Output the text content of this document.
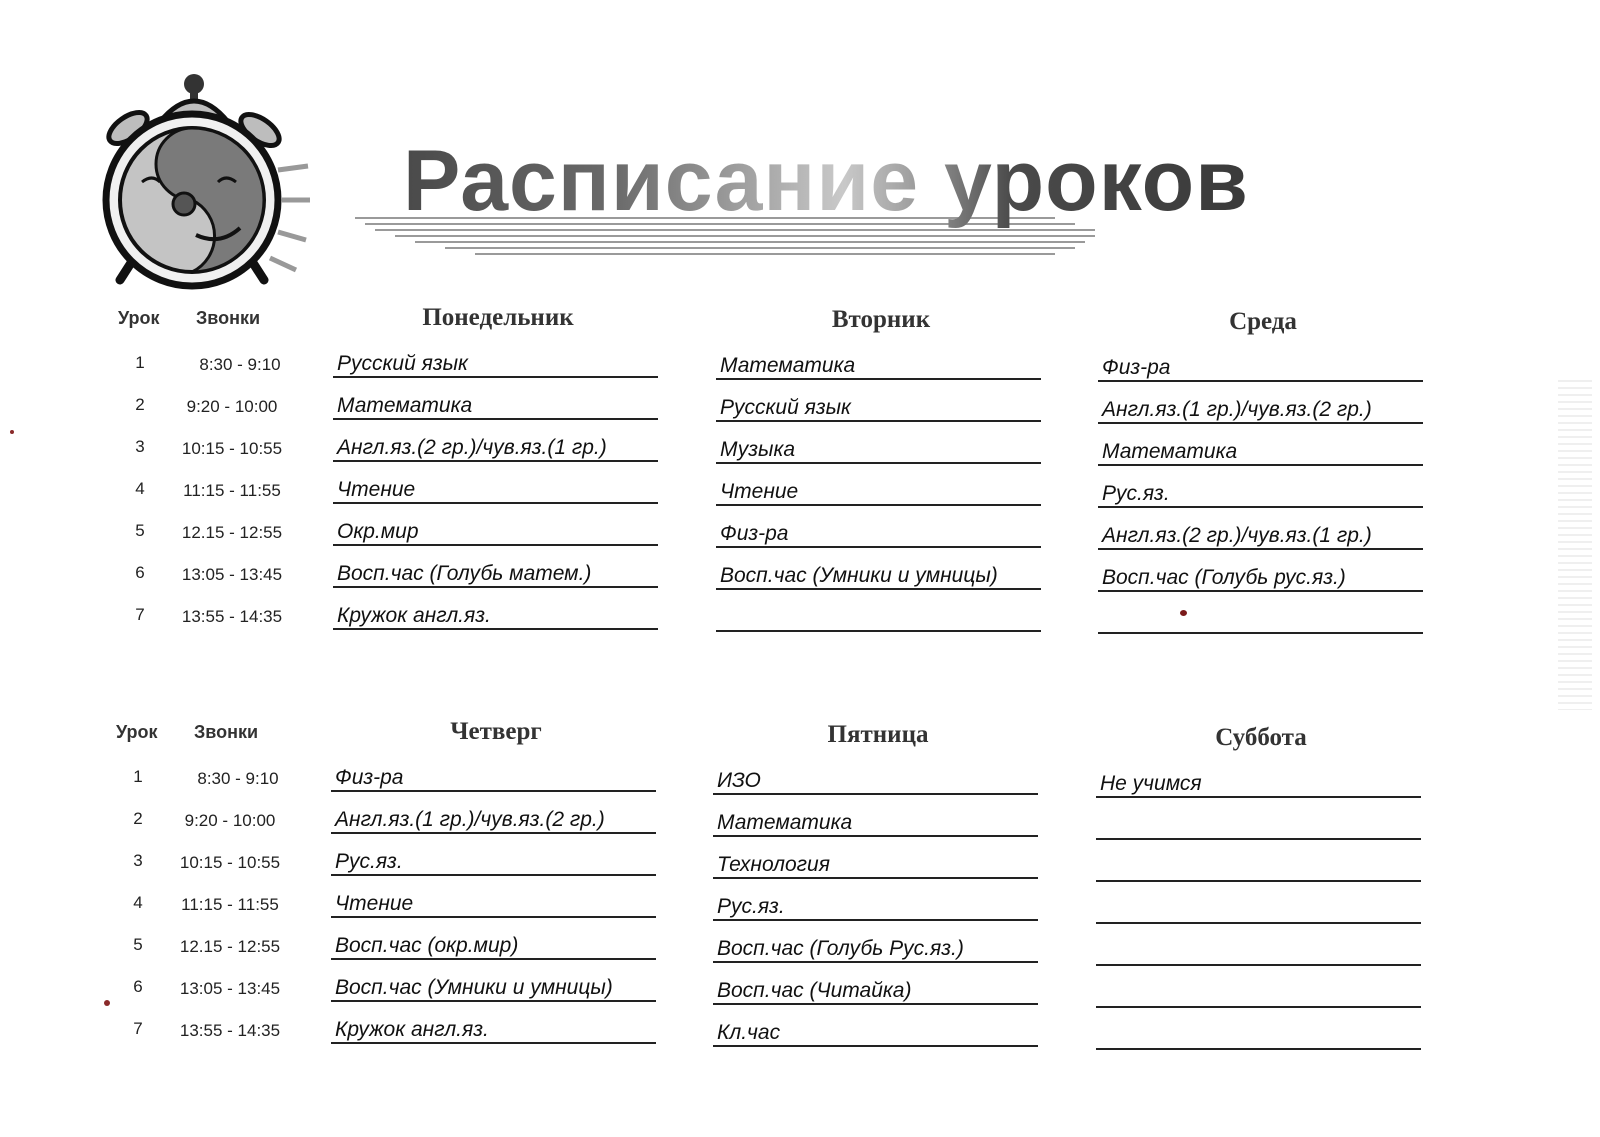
Расписание уроков
Урок Звонки
1
2
3
4
5
6
7
8:30 - 9:10
9:20 - 10:00
10:15 - 10:55
11:15 - 11:55
12.15 - 12:55
13:05 - 13:45
13:55 - 14:35
Понедельник
Русский язык
Математика
Англ.яз.(2 гр.)/чув.яз.(1 гр.)
Чтение
Окр.мир
Восп.час (Голубь матем.)
Кружок англ.яз.
Вторник
Математика
Русский язык
Музыка
Чтение
Физ-ра
Восп.час (Умники и умницы)
Среда
Физ-ра
Англ.яз.(1 гр.)/чув.яз.(2 гр.)
Математика
Рус.яз.
Англ.яз.(2 гр.)/чув.яз.(1 гр.)
Восп.час (Голубь рус.яз.)
Урок Звонки
1
2
3
4
5
6
7
8:30 - 9:10
9:20 - 10:00
10:15 - 10:55
11:15 - 11:55
12.15 - 12:55
13:05 - 13:45
13:55 - 14:35
Четверг
Физ-ра
Англ.яз.(1 гр.)/чув.яз.(2 гр.)
Рус.яз.
Чтение
Восп.час (окр.мир)
Восп.час (Умники и умницы)
Кружок англ.яз.
Пятница
ИЗО
Математика
Технология
Рус.яз.
Восп.час (Голубь Рус.яз.)
Восп.час (Читайка)
Кл.час
Суббота
Не учимся
